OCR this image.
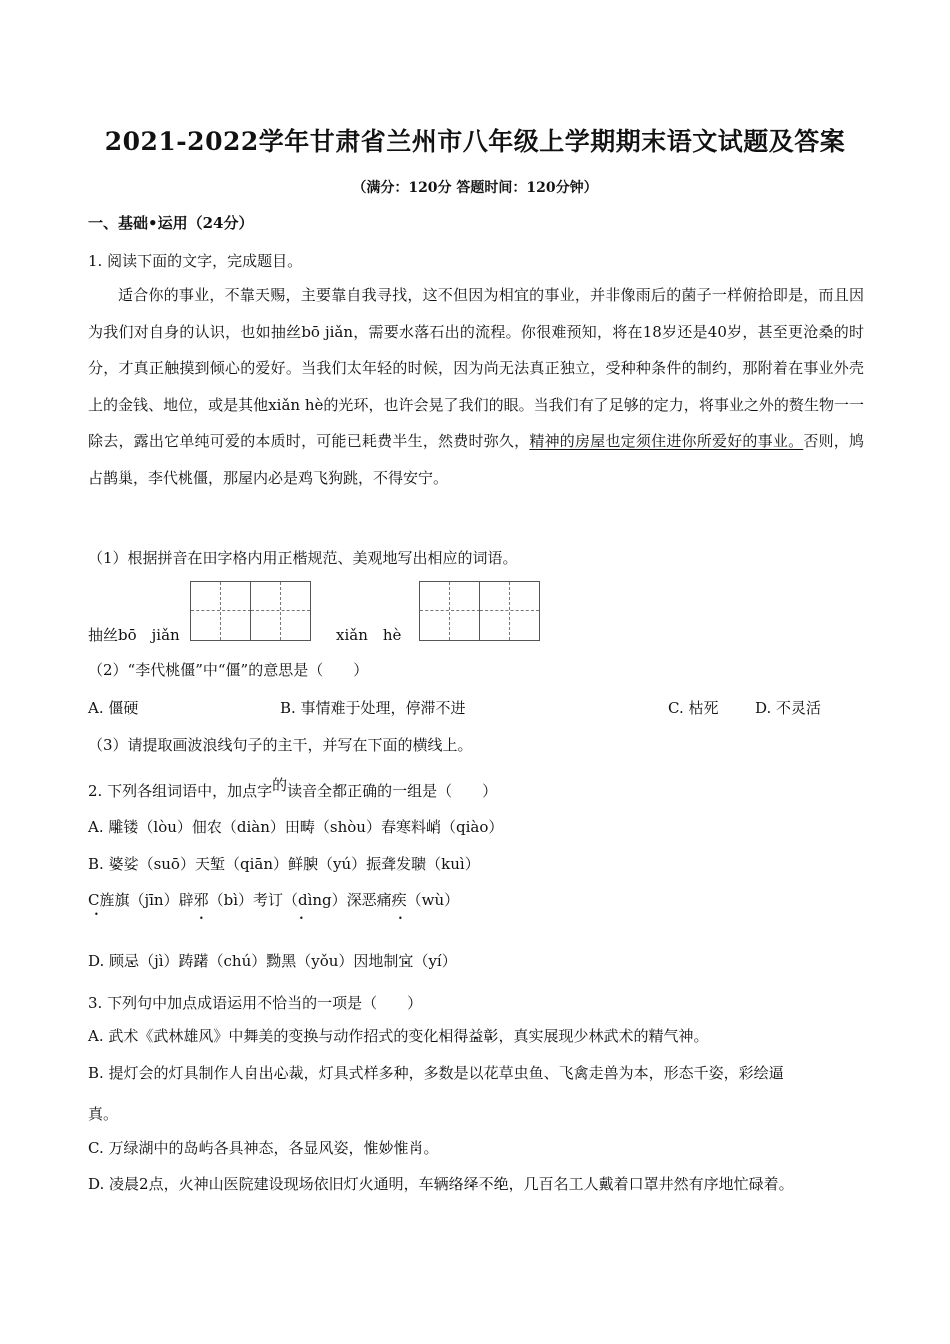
2021-2022学年甘肃省兰州市八年级上学期期末语文试题及答案
（满分：120分 答题时间：120分钟）
一、基础•运用（24分）
1. 阅读下面的文字，完成题目。
适合你的事业，不靠天赐，主要靠自我寻找，这不但因为相宜的事业，并非像雨后的菌子一样俯拾即是，而且因为我们对自身的认识，也如抽丝bō jiǎn，需要水落石出的流程。你很难预知，将在18岁还是40岁，甚至更沧桑的时分，才真正触摸到倾心的爱好。当我们太年轻的时候，因为尚无法真正独立，受种种条件的制约，那附着在事业外壳上的金钱、地位，或是其他xiǎn hè的光环，也许会晃了我们的眼。当我们有了足够的定力，将事业之外的赘生物一一除去，露出它单纯可爱的本质时，可能已耗费半生，然费时弥久，精神的房屋也定须住进你所爱好的事业。否则，鸠占鹊巢，李代桃僵，那屋内必是鸡飞狗跳，不得安宁。
（1）根据拼音在田字格内用正楷规范、美观地写出相应的词语。
抽丝bō　jiǎn	xiǎn　hè
（2）“李代桃僵”中“僵”的意思是（　　）
A. 僵硬	B. 事情难于处理，停滞不进	C. 枯死 D. 不灵活
（3）请提取画波浪线句子的主干，并写在下面的横线上。
2. 下列各组词语中，加点字的读音全都正确的一组是（　　）
A. 雕 •镂（lòu）佃农（diàn）田畴 •（shòu）春寒料峭 •（qiào）
B. 婆 •娑（suō）天堑 •（qiān）鲜腴 •（yú）振聋发聩 •（kuì）
C旌旗（jīn）辟邪（bì）考订（dìng）深恶痛疾（wù）
•	•	•	•
D. 顾忌 •（jì）踌躇 •（chú）黝黑（yǒu）因地制宜 •（yí）
3. 下列句中加点成语运用不恰当的一项是（　　）
A. 武术《武林雄风》中舞美的变换与动作招式的变化相 •得 •益 •彰 •，真实展现少林武术的精气神。
B. 提灯会的灯具制作人自 •出 •心 •裁 •，灯具式样多种，多数是以花草虫鱼、飞禽走兽为本，形态千姿，彩绘逼
真。
C. 万绿湖中的岛屿各具神态，各显风姿，惟 •妙 •惟 •肖 •。
D. 凌晨2点，火神山医院建设现场依旧灯火通明，车辆络 •绎 •不 •绝 •，几百名工人戴着口罩井然有序地忙碌着。
